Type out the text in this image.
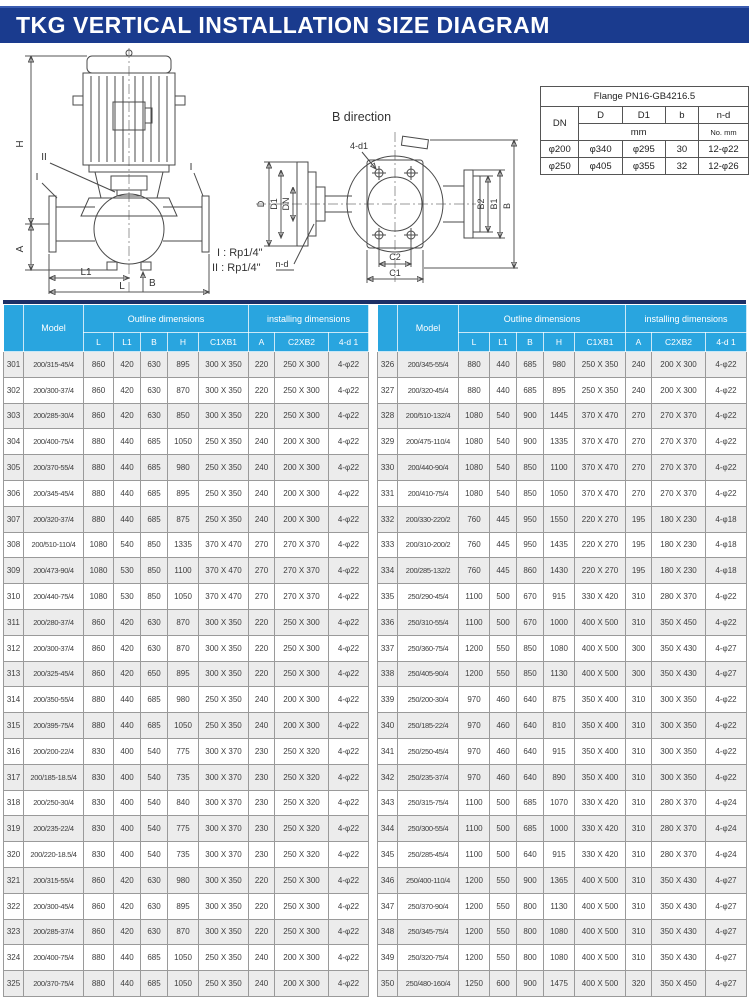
TKG VERTICAL INSTALLATION SIZE DIAGRAM
H
A
L1
L B
II
I
I
I : Rp1/4"
II : Rp1/4"
B direction
D D1 DN
n-d
4-d1
B2 B1 B
C2
C1
Flange PN16-GB4216.5				
DN	D	D1	b	n-d
	mm			No. mm
φ200	φ340	φ295	30	12-φ22
φ250	φ405	φ355	32	12-φ26
	Model	Outline dimensions					installing dimensions		
		L	L1	B	H	C1XB1	A	C2XB2	4-d 1
301	200/315-45/4	860	420	630	895	300 X 350	220	250 X 300	4-φ22
302	200/300-37/4	860	420	630	870	300 X 350	220	250 X 300	4-φ22
303	200/285-30/4	860	420	630	850	300 X 350	220	250 X 300	4-φ22
304	200/400-75/4	880	440	685	1050	250 X 350	240	200 X 300	4-φ22
305	200/370-55/4	880	440	685	980	250 X 350	240	200 X 300	4-φ22
306	200/345-45/4	880	440	685	895	250 X 350	240	200 X 300	4-φ22
307	200/320-37/4	880	440	685	875	250 X 350	240	200 X 300	4-φ22
308	200/510-110/4	1080	540	850	1335	370 X 470	270	270 X 370	4-φ22
309	200/473-90/4	1080	530	850	1100	370 X 470	270	270 X 370	4-φ22
310	200/440-75/4	1080	530	850	1050	370 X 470	270	270 X 370	4-φ22
311	200/280-37/4	860	420	630	870	300 X 350	220	250 X 300	4-φ22
312	200/300-37/4	860	420	630	870	300 X 350	220	250 X 300	4-φ22
313	200/325-45/4	860	420	650	895	300 X 350	220	250 X 300	4-φ22
314	200/350-55/4	880	440	685	980	250 X 350	240	200 X 300	4-φ22
315	200/395-75/4	880	440	685	1050	250 X 350	240	200 X 300	4-φ22
316	200/200-22/4	830	400	540	775	300 X 370	230	250 X 320	4-φ22
317	200/185-18.5/4	830	400	540	735	300 X 370	230	250 X 320	4-φ22
318	200/250-30/4	830	400	540	840	300 X 370	230	250 X 320	4-φ22
319	200/235-22/4	830	400	540	775	300 X 370	230	250 X 320	4-φ22
320	200/220-18.5/4	830	400	540	735	300 X 370	230	250 X 320	4-φ22
321	200/315-55/4	860	420	630	980	300 X 350	220	250 X 300	4-φ22
322	200/300-45/4	860	420	630	895	300 X 350	220	250 X 300	4-φ22
323	200/285-37/4	860	420	630	870	300 X 350	220	250 X 300	4-φ22
324	200/400-75/4	880	440	685	1050	250 X 350	240	200 X 300	4-φ22
325	200/370-75/4	880	440	685	1050	250 X 350	240	200 X 300	4-φ22
	Model	Outline dimensions					installing dimensions		
		L	L1	B	H	C1XB1	A	C2XB2	4-d 1
326	200/345-55/4	880	440	685	980	250 X 350	240	200 X 300	4-φ22
327	200/320-45/4	880	440	685	895	250 X 350	240	200 X 300	4-φ22
328	200/510-132/4	1080	540	900	1445	370 X 470	270	270 X 370	4-φ22
329	200/475-110/4	1080	540	900	1335	370 X 470	270	270 X 370	4-φ22
330	200/440-90/4	1080	540	850	1100	370 X 470	270	270 X 370	4-φ22
331	200/410-75/4	1080	540	850	1050	370 X 470	270	270 X 370	4-φ22
332	200/330-220/2	760	445	950	1550	220 X 270	195	180 X 230	4-φ18
333	200/310-200/2	760	445	950	1435	220 X 270	195	180 X 230	4-φ18
334	200/285-132/2	760	445	860	1430	220 X 270	195	180 X 230	4-φ18
335	250/290-45/4	1100	500	670	915	330 X 420	310	280 X 370	4-φ22
336	250/310-55/4	1100	500	670	1000	400 X 500	310	350 X 450	4-φ22
337	250/360-75/4	1200	550	850	1080	400 X 500	300	350 X 430	4-φ27
338	250/405-90/4	1200	550	850	1130	400 X 500	300	350 X 430	4-φ27
339	250/200-30/4	970	460	640	875	350 X 400	310	300 X 350	4-φ22
340	250/185-22/4	970	460	640	810	350 X 400	310	300 X 350	4-φ22
341	250/250-45/4	970	460	640	915	350 X 400	310	300 X 350	4-φ22
342	250/235-37/4	970	460	640	890	350 X 400	310	300 X 350	4-φ22
343	250/315-75/4	1100	500	685	1070	330 X 420	310	280 X 370	4-φ24
344	250/300-55/4	1100	500	685	1000	330 X 420	310	280 X 370	4-φ24
345	250/285-45/4	1100	500	640	915	330 X 420	310	280 X 370	4-φ24
346	250/400-110/4	1200	550	900	1365	400 X 500	310	350 X 430	4-φ27
347	250/370-90/4	1200	550	800	1130	400 X 500	310	350 X 430	4-φ27
348	250/345-75/4	1200	550	800	1080	400 X 500	310	350 X 430	4-φ27
349	250/320-75/4	1200	550	800	1080	400 X 500	310	350 X 430	4-φ27
350	250/480-160/4	1250	600	900	1475	400 X 500	320	350 X 450	4-φ27
